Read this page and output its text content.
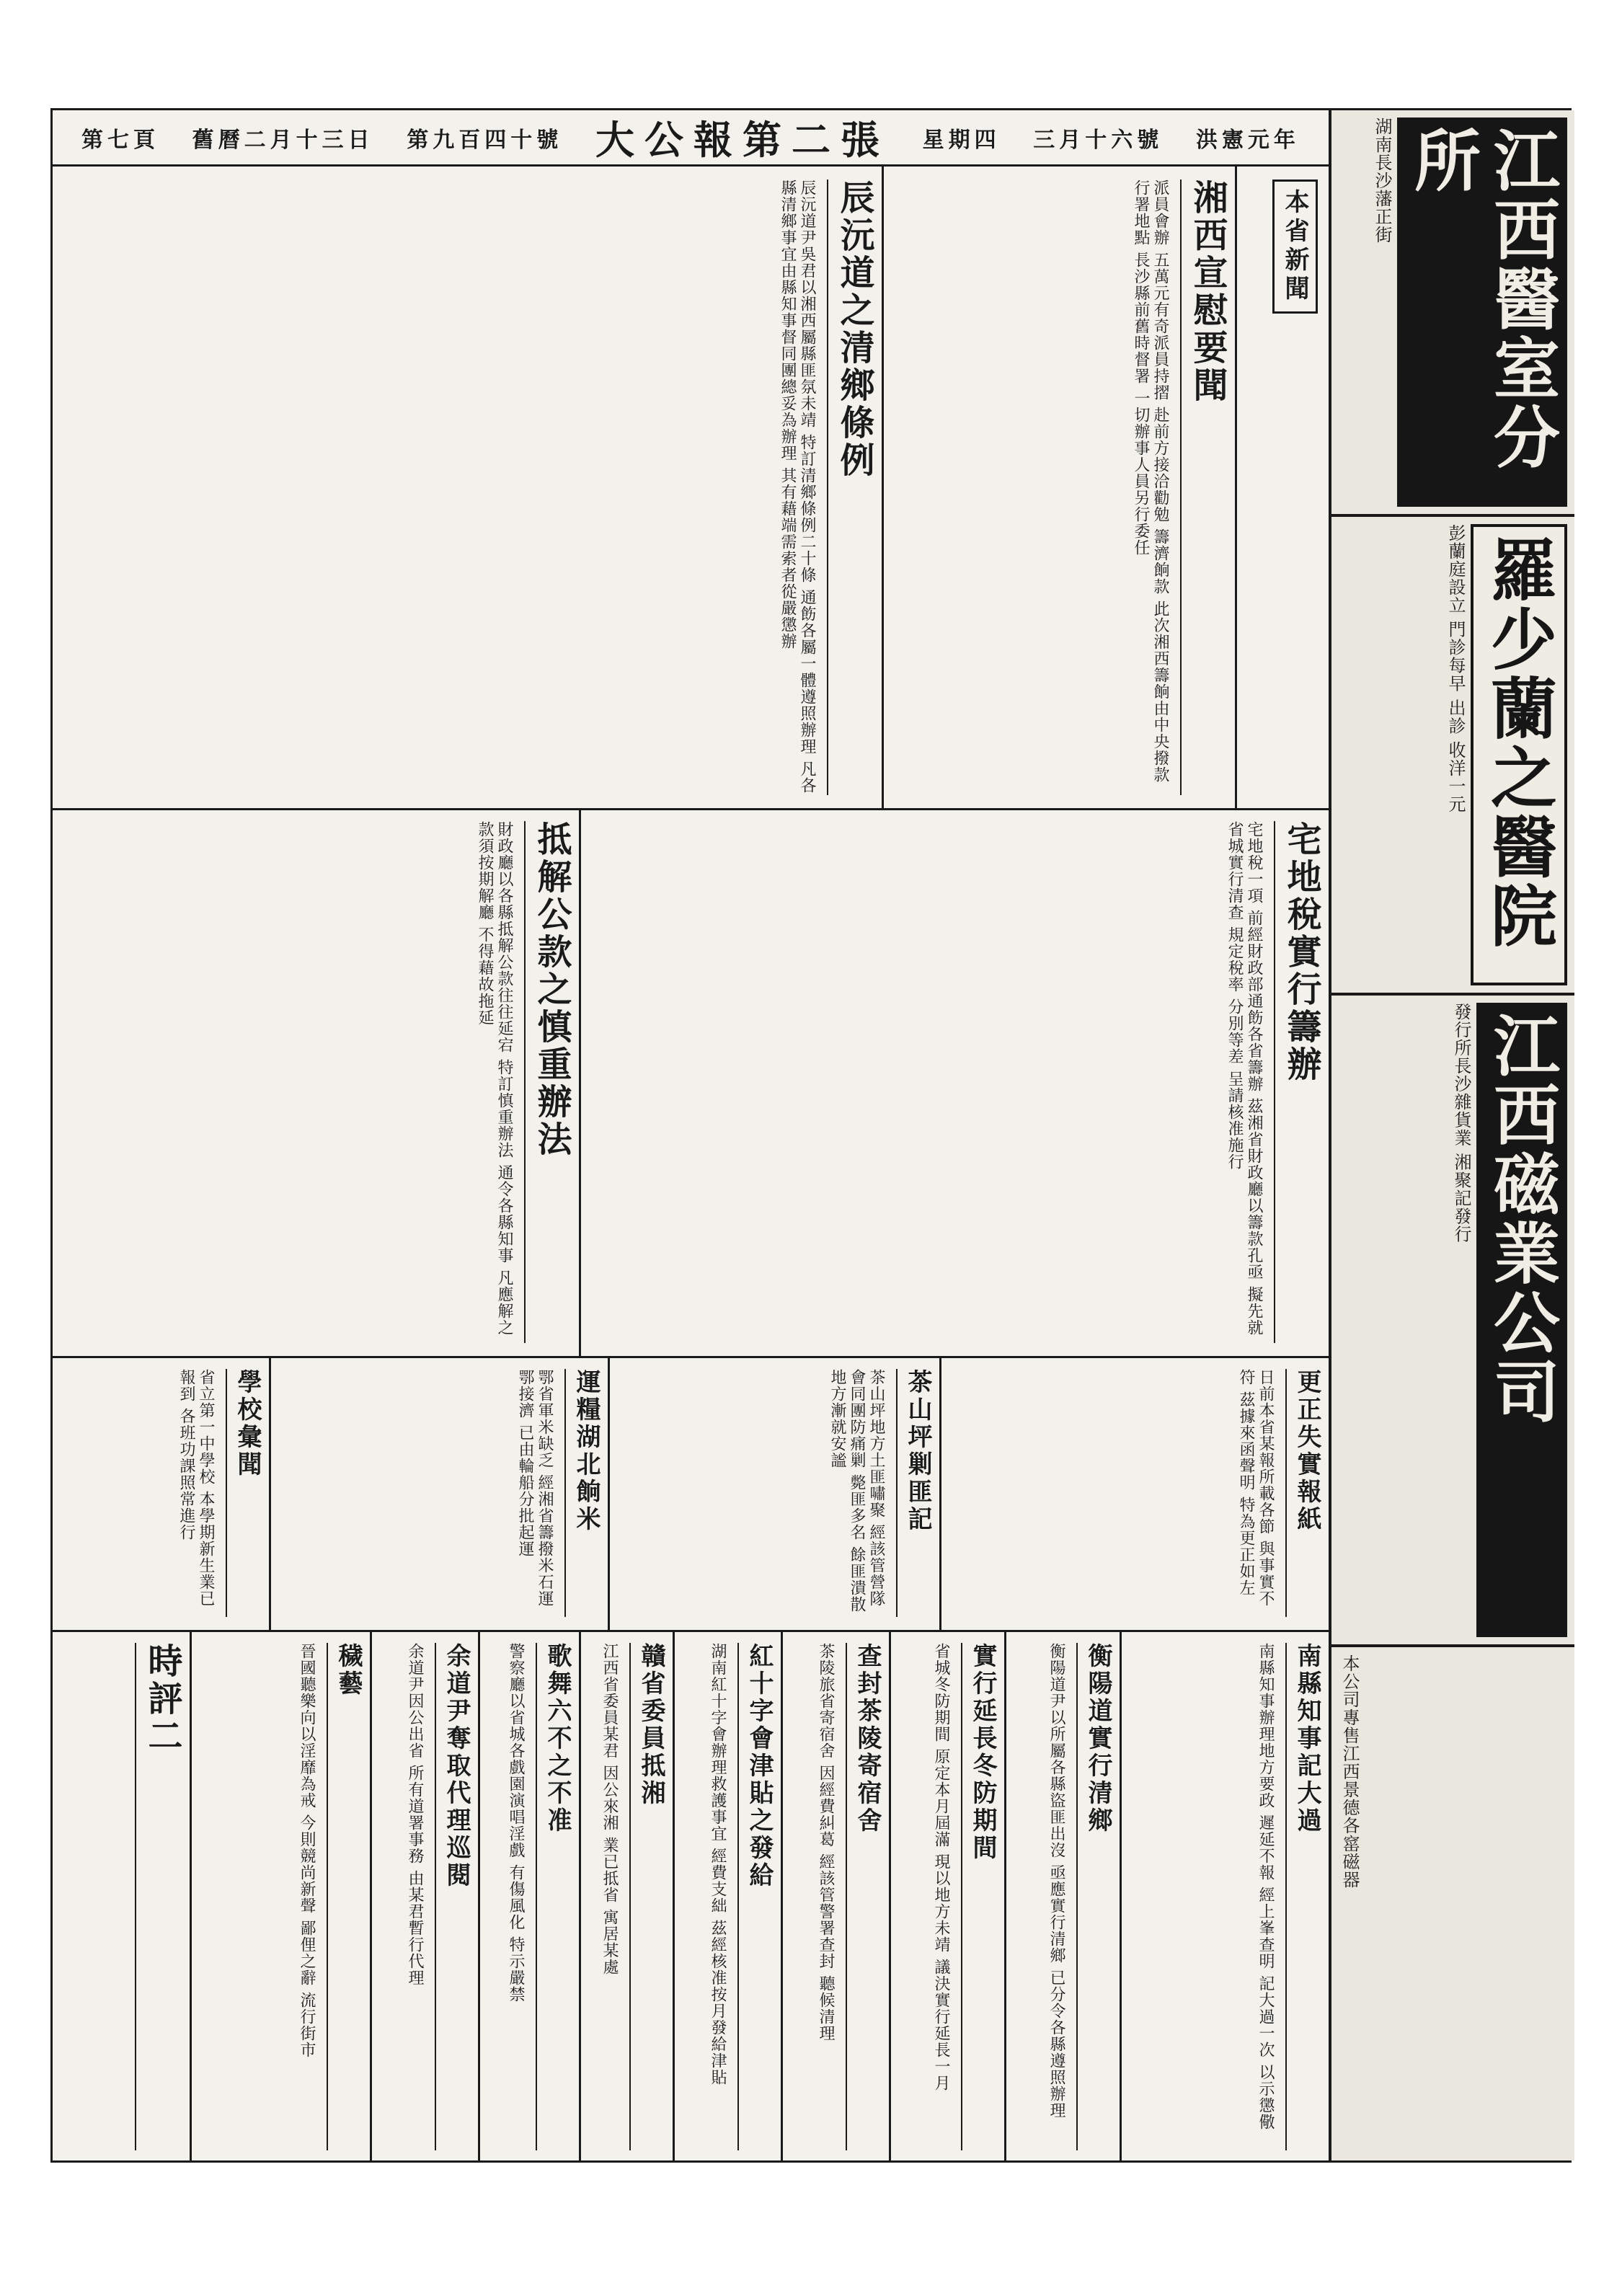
第七頁 舊曆二月十三日 第九百四十號 大公報第二張 星期四 三月十六號 洪憲元年
本省新聞
湘西宣慰要聞
派員會辦 五萬元有奇派員持摺 赴前方接洽勸勉 籌濟餉款 此次湘西籌餉由中央撥款 行署地點 長沙縣前舊時督署 一切辦事人員另行委任
辰沅道之清鄉條例
辰沅道尹吳君以湘西屬縣匪氛未靖 特訂清鄉條例二十條 通飭各屬一體遵照辦理 凡各縣清鄉事宜由縣知事督同團總妥為辦理 其有藉端需索者從嚴懲辦
宅地稅實行籌辦
宅地稅一項 前經財政部通飭各省籌辦 茲湘省財政廳以籌款孔亟 擬先就省城實行清查 規定稅率 分別等差 呈請核准施行
抵解公款之慎重辦法
財政廳以各縣抵解公款往往延宕 特訂慎重辦法 通令各縣知事 凡應解之款須按期解廳 不得藉故拖延
更正失實報紙
日前本省某報所載各節 與事實不符 茲據來函聲明 特為更正如左
茶山坪剿匪記
茶山坪地方土匪嘯聚 經該管營隊會同團防痛剿 斃匪多名 餘匪潰散 地方漸就安謐
運糧湖北餉米
鄂省軍米缺乏 經湘省籌撥米石運鄂接濟 已由輪船分批起運
學校彙聞
省立第一中學校 本學期新生業已報到 各班功課照常進行
南縣知事記大過
南縣知事辦理地方要政 遲延不報 經上峯查明 記大過一次 以示懲儆
衡陽道實行清鄉
衡陽道尹以所屬各縣盜匪出沒 亟應實行清鄉 已分令各縣遵照辦理
實行延長冬防期間
省城冬防期間 原定本月屆滿 現以地方未靖 議決實行延長一月
查封茶陵寄宿舍
茶陵旅省寄宿舍 因經費糾葛 經該管警署查封 聽候清理
紅十字會津貼之發給
湖南紅十字會辦理救護事宜 經費支絀 茲經核准按月發給津貼
贛省委員抵湘
江西省委員某君 因公來湘 業已抵省 寓居某處
歌舞六不之不准
警察廳以省城各戲園演唱淫戲 有傷風化 特示嚴禁
余道尹奪取代理巡閱
余道尹因公出省 所有道署事務 由某君暫行代理
穢藝
晉國聽樂向以淫靡為戒 今則競尚新聲 鄙俚之辭 流行街市
時評二
江西醫室分所
湖南長沙藩正街
羅少蘭之醫院
彭蘭庭設立 門診每早 出診 收洋一元
江西磁業公司
發行所長沙雜貨業 湘聚記發行
本公司專售江西景德各窰磁器
